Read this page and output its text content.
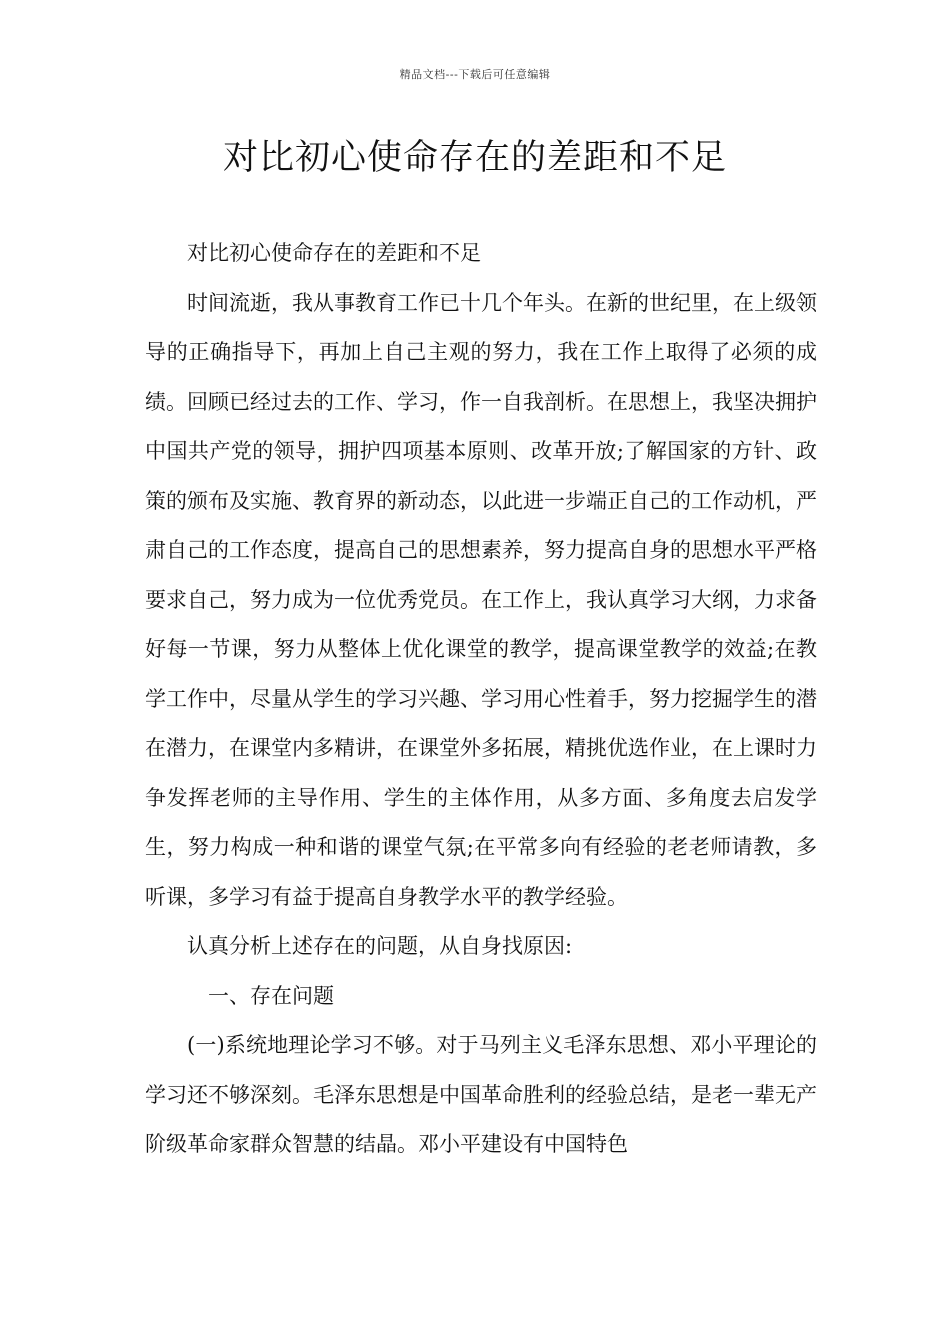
精品文档---下载后可任意编辑
对比初心使命存在的差距和不足

对比初心使命存在的差距和不足

时间流逝，我从事教育工作已十几个年头。在新的世纪里，在上级领导的正确指导下，再加上自己主观的努力，我在工作上取得了必须的成绩。回顾已经过去的工作、学习，作一自我剖析。在思想上，我坚决拥护中国共产党的领导，拥护四项基本原则、改革开放;了解国家的方针、政策的颁布及实施、教育界的新动态，以此进一步端正自己的工作动机，严肃自己的工作态度，提高自己的思想素养，努力提高自身的思想水平严格要求自己，努力成为一位优秀党员。在工作上，我认真学习大纲，力求备好每一节课，努力从整体上优化课堂的教学，提高课堂教学的效益;在教学工作中，尽量从学生的学习兴趣、学习用心性着手，努力挖掘学生的潜在潜力，在课堂内多精讲，在课堂外多拓展，精挑优选作业，在上课时力争发挥老师的主导作用、学生的主体作用，从多方面、多角度去启发学生，努力构成一种和谐的课堂气氛;在平常多向有经验的老老师请教，多听课，多学习有益于提高自身教学水平的教学经验。

认真分析上述存在的问题，从自身找原因:

一、存在问题

(一)系统地理论学习不够。对于马列主义毛泽东思想、邓小平理论的学习还不够深刻。毛泽东思想是中国革命胜利的经验总结，是老一辈无产阶级革命家群众智慧的结晶。邓小平建设有中国特色
